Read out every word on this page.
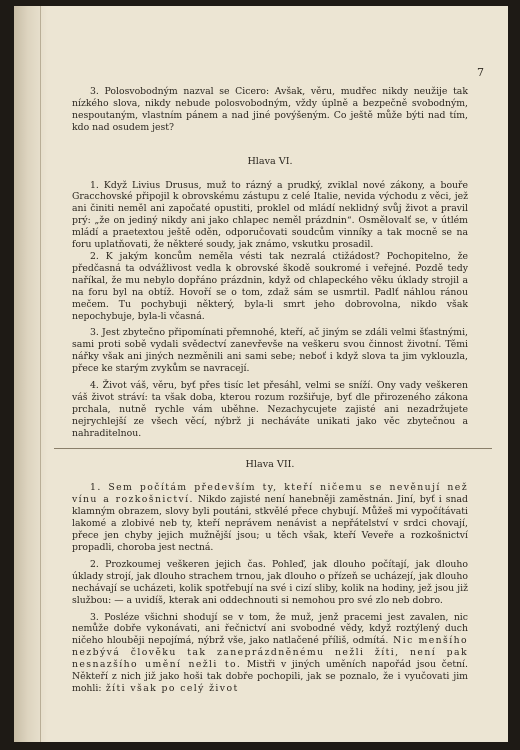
7

3. Polosvobodným nazval se Cicero: Avšak, věru, mudřec nikdy neužije tak nízkého slova, nikdy nebude polosvobodným, vždy úplně a bezpečně svobodným, nespoutaným, vlastním pánem a nad jiné povýšeným. Co ještě může býti nad tím, kdo nad osudem jest?

Hlava VI.

1. Když Livius Drusus, muž to rázný a prudký, zviklal nové zákony, a bouře Gracchovské připojil k obrovskému zástupu z celé Italie, nevida východu z věci, jež ani činiti neměl ani započaté opustiti, proklel od mládí neklidný svůj život a pravil prý: „že on jediný nikdy ani jako chlapec neměl prázdnin“. Osmělovalť se, v útlém mládí a praetextou ještě oděn, odporučovati soudcům vinníky a tak mocně se na foru uplatňovati, že některé soudy, jak známo, vskutku prosadil.

2. K jakým koncům neměla vésti tak nezralá ctižádost? Pochopitelno, že předčasná ta odvážlivost vedla k obrovské škodě soukromé i veřejné. Pozdě tedy naříkal, že mu nebylo dopřáno prázdnin, když od chlapeckého věku úklady strojil a na foru byl na obtíž. Hovoří se o tom, zdaž sám se usmrtil. Padlť náhlou ránou mečem. Tu pochybuji některý, byla-li smrt jeho dobrovolna, nikdo však nepochybuje, byla-li včasná.

3. Jest zbytečno připomínati přemnohé, kteří, ač jiným se zdáli velmi šťastnými, sami proti sobě vydali svědectví zanevřevše na veškeru svou činnost životní. Těmi nářky však ani jiných nezměnili ani sami sebe; neboť i když slova ta jim vyklouzla, přece ke starým zvykům se navracejí.

4. Život váš, věru, byť přes tisíc let přesáhl, velmi se sníží. Ony vady veškeren váš život stráví: ta však doba, kterou rozum rozšiřuje, byť dle přirozeného zákona prchala, nutně rychle vám uběhne. Nezachycujete zajisté ani nezadržujete nejrychlejší ze všech věcí, nýbrž ji necháváte unikati jako věc zbytečnou a nahraditelnou.

Hlava VII.

1. Sem počítám především ty, kteří ničemu se nevěnují než vínu a rozkošnictví. Nikdo zajisté není hanebněji zaměstnán. Jiní, byť i snad klamným obrazem, slovy byli poutáni, stkvělé přece chybují. Můžeš mi vypočítávati lakomé a zlobivé neb ty, kteří neprávem nenávist a nepřátelství v srdci chovají, přece jen chyby jejich mužnější jsou; u těch však, kteří Veveře a rozkošnictví propadli, choroba jest nectná.

2. Prozkoumej veškeren jejich čas. Pohleď, jak dlouho počítají, jak dlouho úklady strojí, jak dlouho strachem trnou, jak dlouho o přízeň se ucházejí, jak dlouho nechávají se ucházeti, kolik spotřebují na své i cizí sliby, kolik na hodiny, jež jsou již službou: — a uvidíš, kterak ani oddechnouti si nemohou pro své zlo neb dobro.

3. Posléze všichni shodují se v tom, že muž, jenž pracemi jest zavalen, nic nemůže dobře vykonávati, ani řečnictví ani svobodné vědy, když roztýlený duch ničeho hlouběji nepojímá, nýbrž vše, jako natlačené příliš, odmítá. Nic menšího nezbývá člověku tak zaneprázdněnému nežli žíti, není pak nesnazšího umění nežli to. Mistři v jiných uměních napořád jsou četní. Někteří z nich již jako hoši tak dobře pochopili, jak se poznalo, že i vyučovati jim mohli: žíti však po celý život
